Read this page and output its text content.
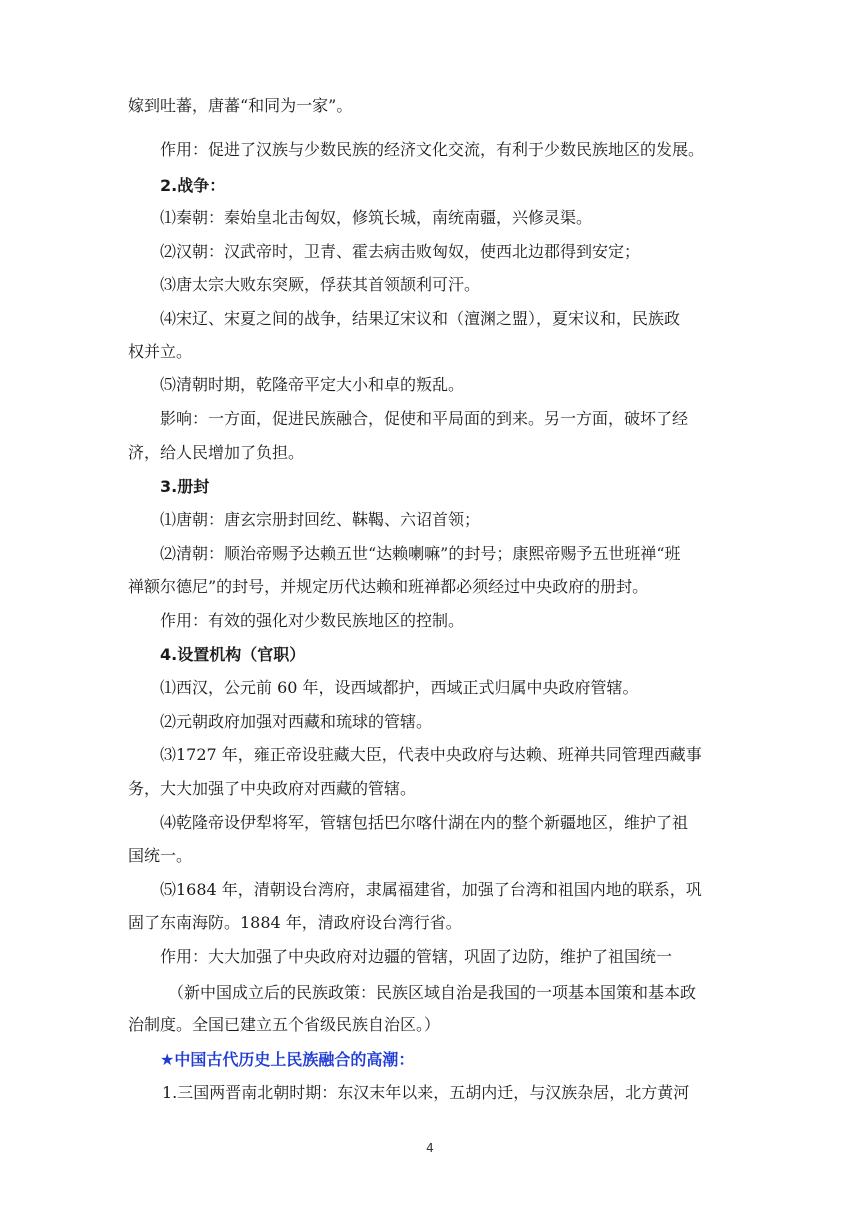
嫁到吐蕃，唐蕃“和同为一家”。
作用：促进了汉族与少数民族的经济文化交流，有利于少数民族地区的发展。
2.战争：
⑴秦朝：秦始皇北击匈奴，修筑长城，南统南疆，兴修灵渠。
⑵汉朝：汉武帝时，卫青、霍去病击败匈奴，使西北边郡得到安定；
⑶唐太宗大败东突厥，俘获其首领颉利可汗。
⑷宋辽、宋夏之间的战争，结果辽宋议和（澶渊之盟），夏宋议和，民族政
权并立。
⑸清朝时期，乾隆帝平定大小和卓的叛乱。
影响：一方面，促进民族融合，促使和平局面的到来。另一方面，破坏了经
济，给人民增加了负担。
3.册封
⑴唐朝：唐玄宗册封回纥、靺鞨、六诏首领；
⑵清朝：顺治帝赐予达赖五世“达赖喇嘛”的封号；康熙帝赐予五世班禅“班
禅额尔德尼”的封号，并规定历代达赖和班禅都必须经过中央政府的册封。
作用：有效的强化对少数民族地区的控制。
4.设置机构（官职）
⑴西汉，公元前 60 年，设西域都护，西域正式归属中央政府管辖。
⑵元朝政府加强对西藏和琉球的管辖。
⑶1727 年，雍正帝设驻藏大臣，代表中央政府与达赖、班禅共同管理西藏事
务，大大加强了中央政府对西藏的管辖。
⑷乾隆帝设伊犁将军，管辖包括巴尔喀什湖在内的整个新疆地区，维护了祖
国统一。
⑸1684 年，清朝设台湾府，隶属福建省，加强了台湾和祖国内地的联系，巩
固了东南海防。1884 年，清政府设台湾行省。
作用：大大加强了中央政府对边疆的管辖，巩固了边防，维护了祖国统一
（新中国成立后的民族政策：民族区域自治是我国的一项基本国策和基本政
治制度。全国已建立五个省级民族自治区。）
★中国古代历史上民族融合的高潮：
1.三国两晋南北朝时期：东汉末年以来，五胡内迁，与汉族杂居，北方黄河
4
